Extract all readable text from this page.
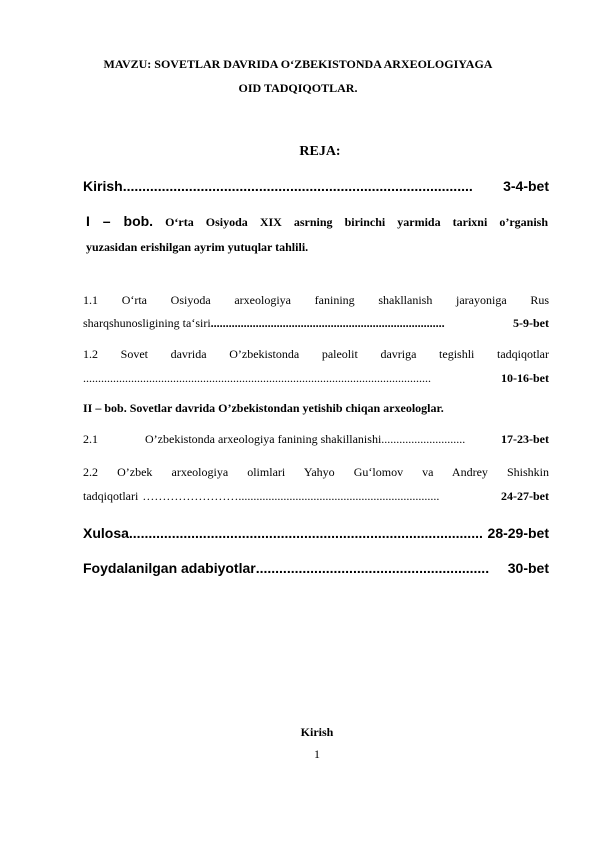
MAVZU: SOVETLAR DAVRIDA O‘ZBEKISTONDA ARXEOLOGIYAGA
OID TADQIQOTLAR.
REJA:
Kirish ..........................................................................................	3-4-bet
I – bob. O‘rta Osiyoda XIX asrning birinchi yarmida tarixni o’rganish
yuzasidan erishilgan ayrim yutuqlar tahlili.
1.1 O‘rta Osiyoda arxeologiya fanining shakllanish jarayoniga Rus
sharqshunosligining ta‘siri ..............................................................................	5-9-bet
1.2 Sovet davrida O’zbekistonda paleolit davriga tegishli tadqiqotlar
....................................................................................................................	10-16-bet
II – bob. Sovetlar davrida O’zbekistondan yetishib chiqan arxeologlar.
2.1	O’zbekistonda arxeologiya fanining shakillanishi ............................	17-23-bet
2.2 O’zbek arxeologiya olimlari Yahyo Gu‘lomov va Andrey Shishkin
tadqiqotlari …………………… ...................................................................	24-27-bet
Xulosa ........................................................................................... 28-29-bet
Foydalanilgan adabiyotlar ............................................................	30-bet
Kirish
1
